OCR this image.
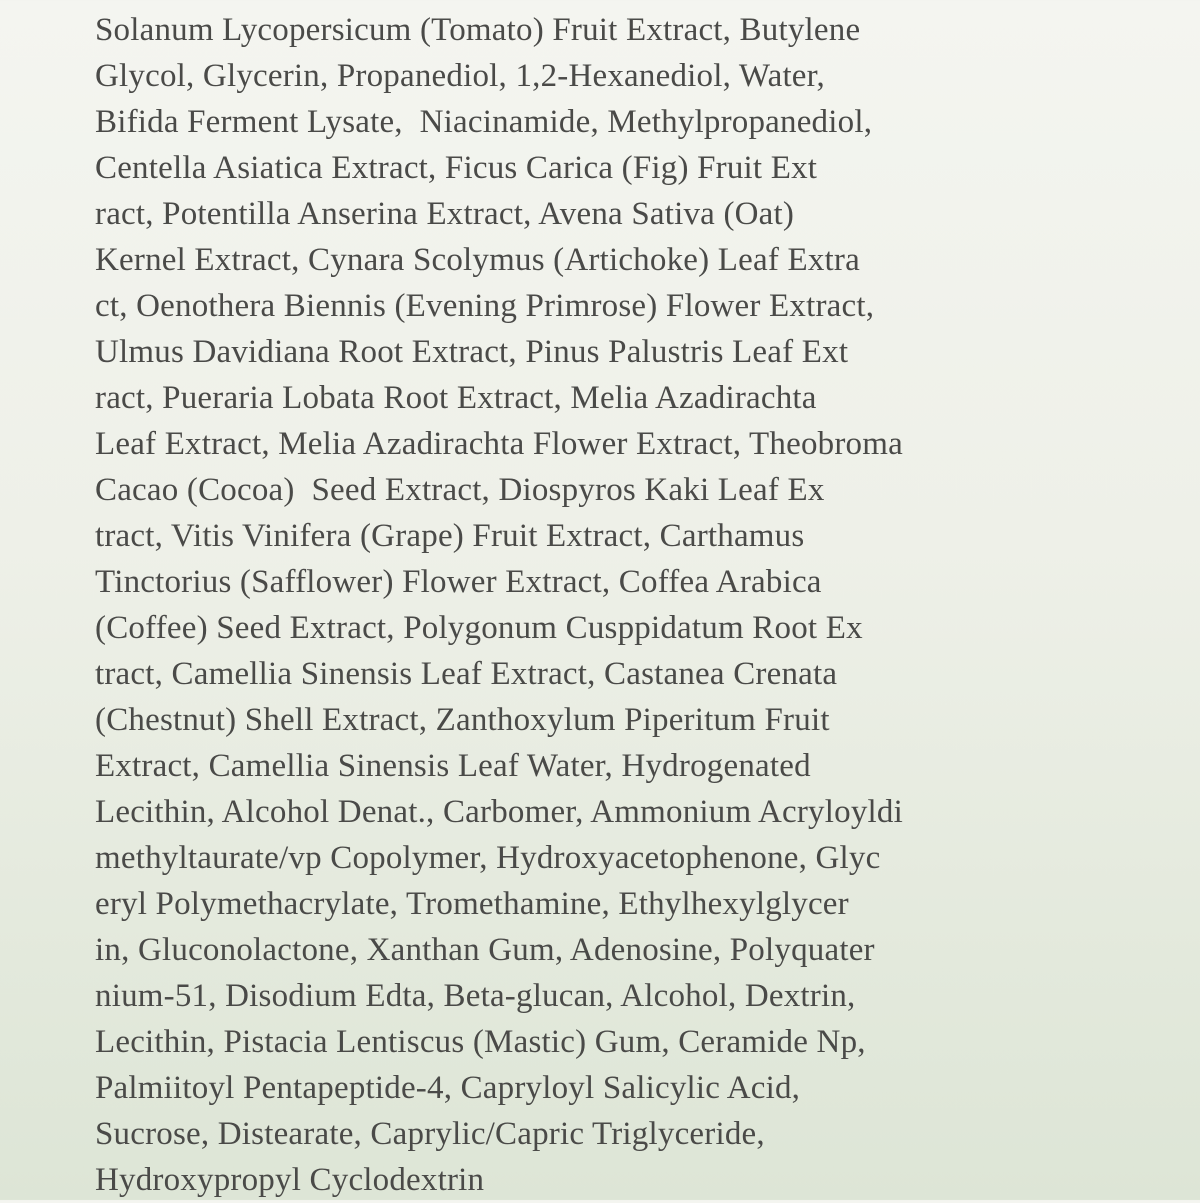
Solanum Lycopersicum (Tomato) Fruit Extract, Butylene
Glycol, Glycerin, Propanediol, 1,2-Hexanediol, Water,
Bifida Ferment Lysate,  Niacinamide, Methylpropanediol,
Centella Asiatica Extract, Ficus Carica (Fig) Fruit Ext
ract, Potentilla Anserina Extract, Avena Sativa (Oat)
Kernel Extract, Cynara Scolymus (Artichoke) Leaf Extra
ct, Oenothera Biennis (Evening Primrose) Flower Extract,
Ulmus Davidiana Root Extract, Pinus Palustris Leaf Ext
ract, Pueraria Lobata Root Extract, Melia Azadirachta
Leaf Extract, Melia Azadirachta Flower Extract, Theobroma
Cacao (Cocoa)  Seed Extract, Diospyros Kaki Leaf Ex
tract, Vitis Vinifera (Grape) Fruit Extract, Carthamus
Tinctorius (Safflower) Flower Extract, Coffea Arabica
(Coffee) Seed Extract, Polygonum Cusppidatum Root Ex
tract, Camellia Sinensis Leaf Extract, Castanea Crenata
(Chestnut) Shell Extract, Zanthoxylum Piperitum Fruit
Extract, Camellia Sinensis Leaf Water, Hydrogenated
Lecithin, Alcohol Denat., Carbomer, Ammonium Acryloyldi
methyltaurate/vp Copolymer, Hydroxyacetophenone, Glyc
eryl Polymethacrylate, Tromethamine, Ethylhexylglycer
in, Gluconolactone, Xanthan Gum, Adenosine, Polyquater
nium-51, Disodium Edta, Beta-glucan, Alcohol, Dextrin,
Lecithin, Pistacia Lentiscus (Mastic) Gum, Ceramide Np,
Palmiitoyl Pentapeptide-4, Capryloyl Salicylic Acid,
Sucrose, Distearate, Caprylic/Capric Triglyceride,
Hydroxypropyl Cyclodextrin
